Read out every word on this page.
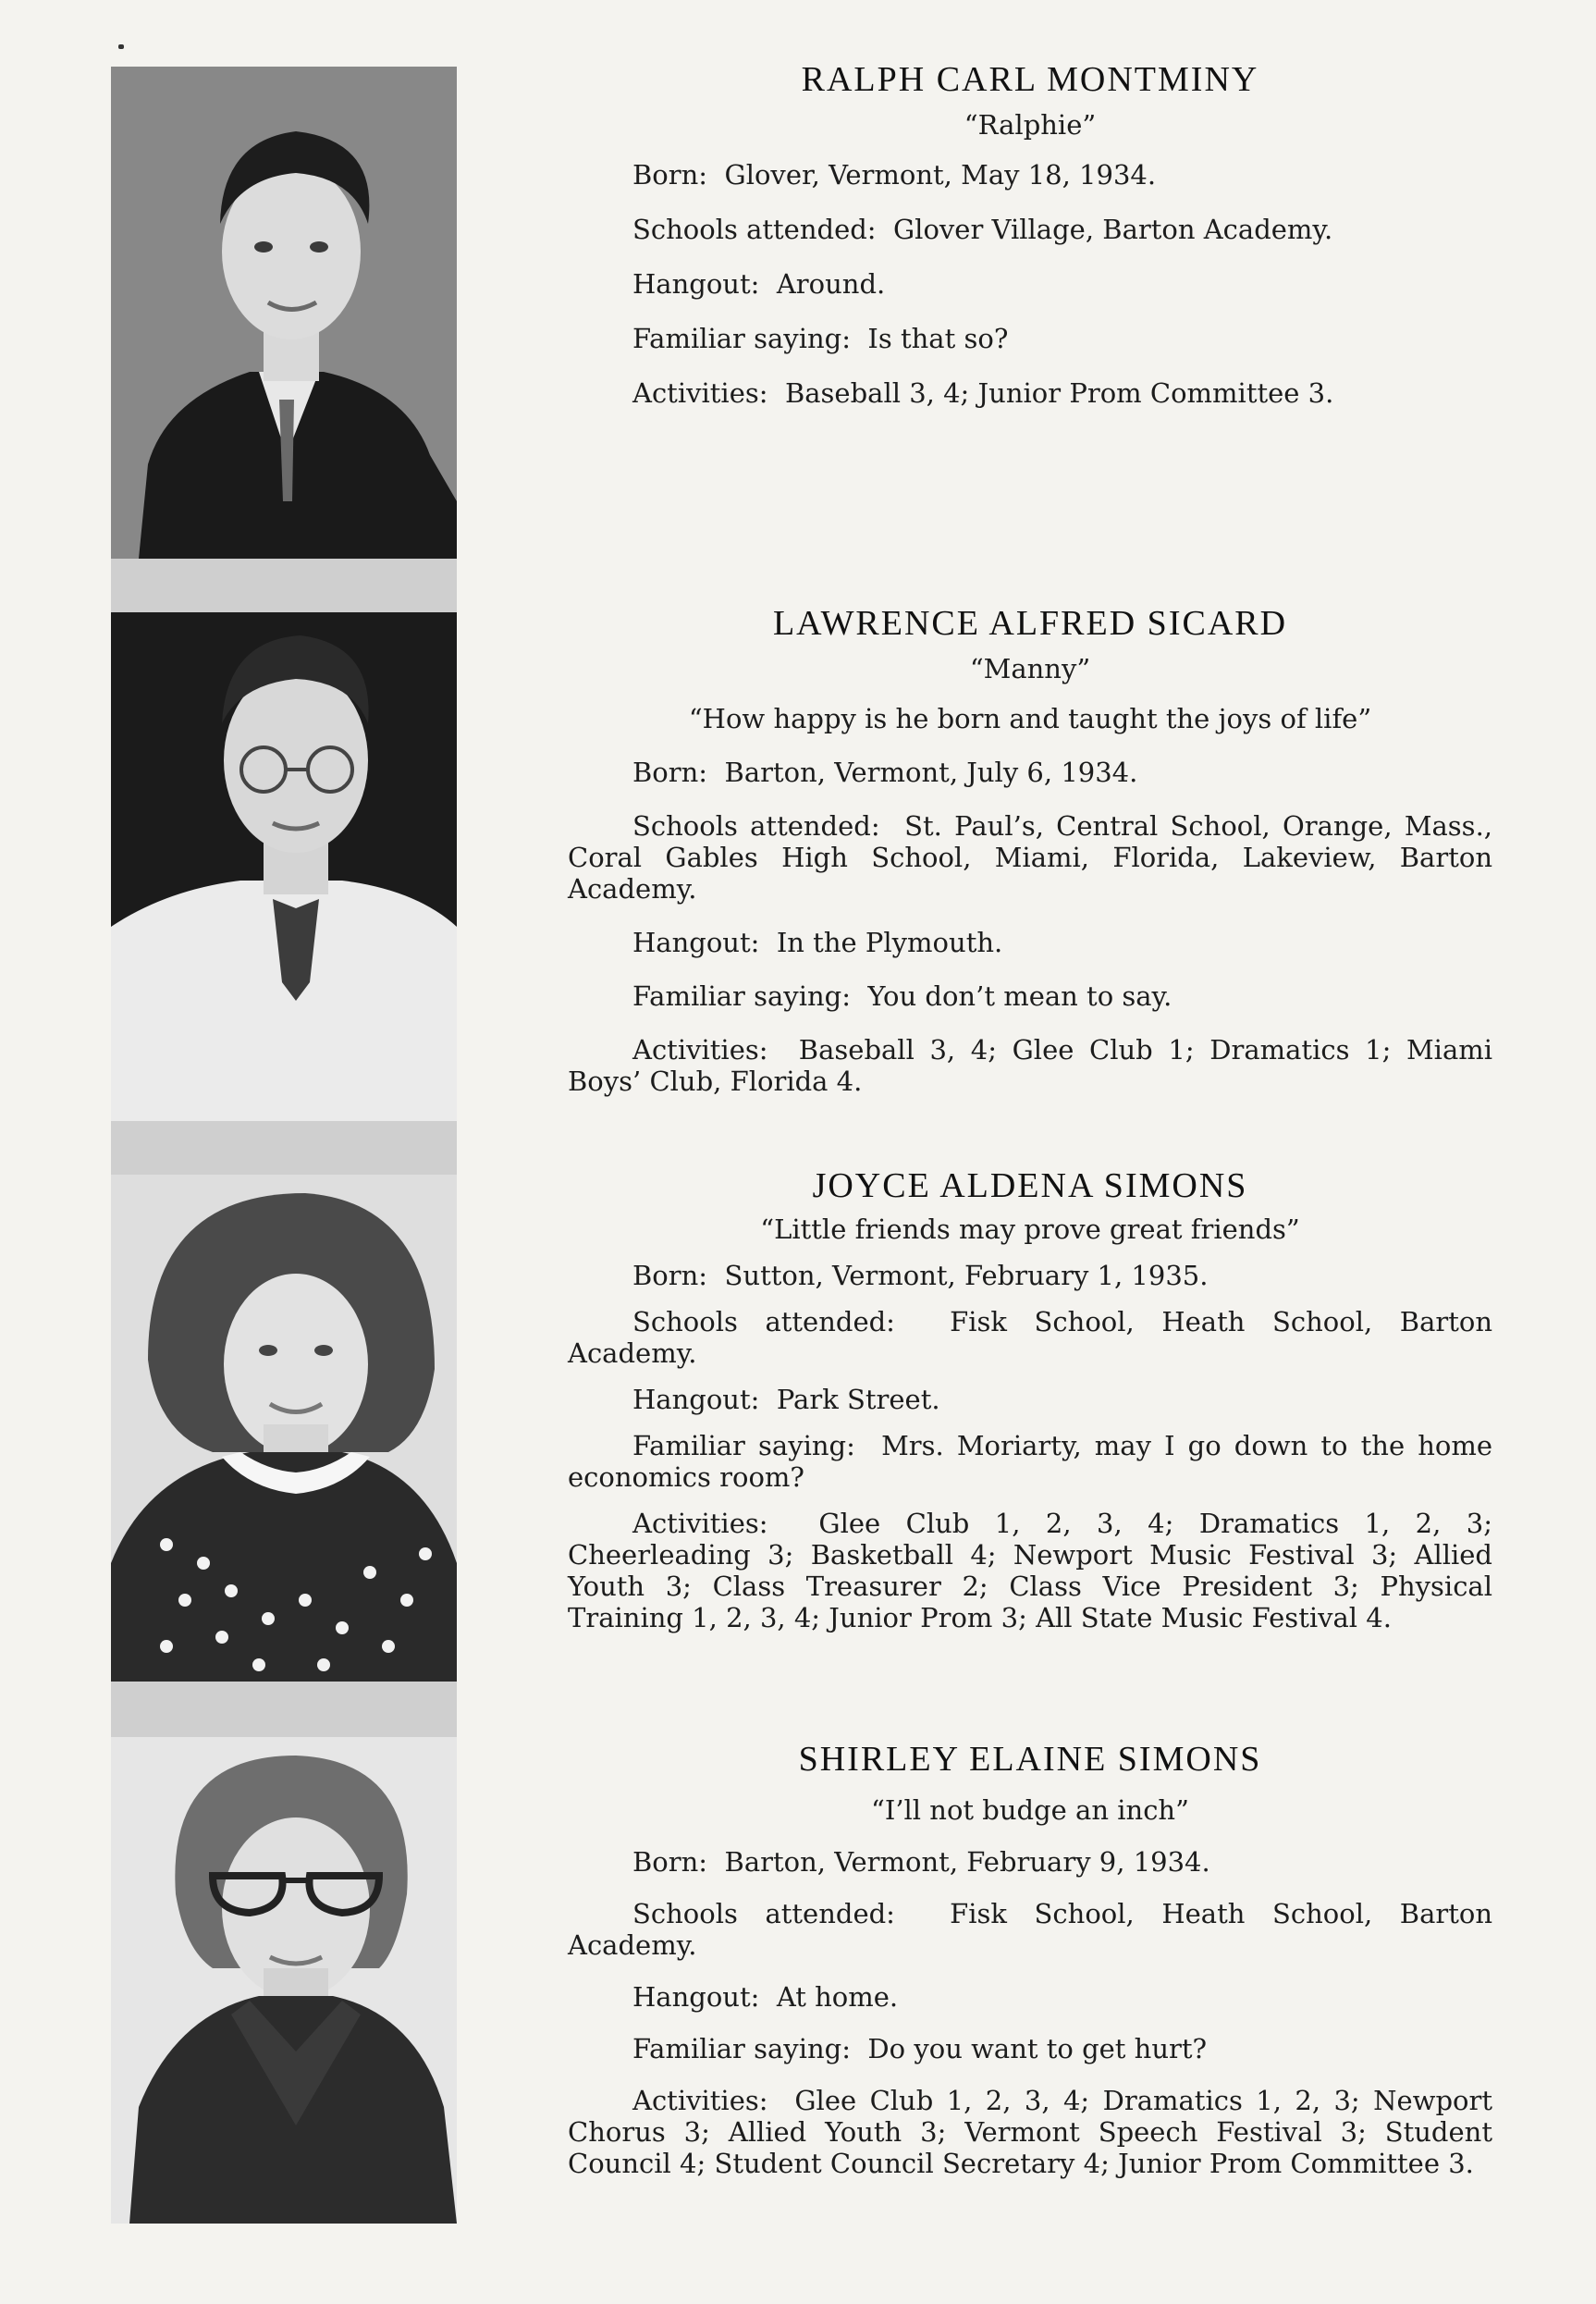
RALPH CARL MONTMINY

“Ralphie”

Born: Glover, Vermont, May 18, 1934.

Schools attended: Glover Village, Barton Academy.

Hangout: Around.

Familiar saying: Is that so?

Activities: Baseball 3, 4; Junior Prom Committee 3.

LAWRENCE ALFRED SICARD

“Manny”

“How happy is he born and taught the joys of life”

Born: Barton, Vermont, July 6, 1934.

Schools attended: St. Paul’s, Central School, Orange, Mass., Coral Gables High School, Miami, Florida, Lakeview, Barton Academy.

Hangout: In the Plymouth.

Familiar saying: You don’t mean to say.

Activities: Baseball 3, 4; Glee Club 1; Dramatics 1; Miami Boys’ Club, Florida 4.

JOYCE ALDENA SIMONS

“Little friends may prove great friends”

Born: Sutton, Vermont, February 1, 1935.

Schools attended: Fisk School, Heath School, Barton Academy.

Hangout: Park Street.

Familiar saying: Mrs. Moriarty, may I go down to the home economics room?

Activities: Glee Club 1, 2, 3, 4; Dramatics 1, 2, 3; Cheerleading 3; Basketball 4; Newport Music Festival 3; Allied Youth 3; Class Treasurer 2; Class Vice President 3; Physical Training 1, 2, 3, 4; Junior Prom 3; All State Music Festival 4.

SHIRLEY ELAINE SIMONS

“I’ll not budge an inch”

Born: Barton, Vermont, February 9, 1934.

Schools attended: Fisk School, Heath School, Barton Academy.

Hangout: At home.

Familiar saying: Do you want to get hurt?

Activities: Glee Club 1, 2, 3, 4; Dramatics 1, 2, 3; Newport Chorus 3; Allied Youth 3; Vermont Speech Festival 3; Student Council 4; Student Council Secretary 4; Junior Prom Committee 3.
